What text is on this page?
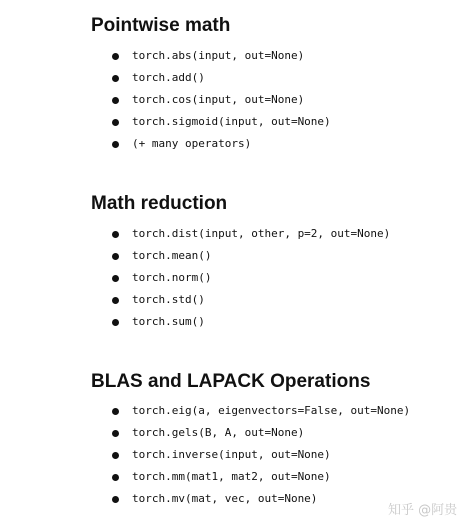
Pointwise math
torch.abs(input, out=None)
torch.add()
torch.cos(input, out=None)
torch.sigmoid(input, out=None)
(+ many operators)
Math reduction
torch.dist(input, other, p=2, out=None)
torch.mean()
torch.norm()
torch.std()
torch.sum()
BLAS and LAPACK Operations
torch.eig(a, eigenvectors=False, out=None)
torch.gels(B, A, out=None)
torch.inverse(input, out=None)
torch.mm(mat1, mat2, out=None)
torch.mv(mat, vec, out=None)
知乎 @阿贵
